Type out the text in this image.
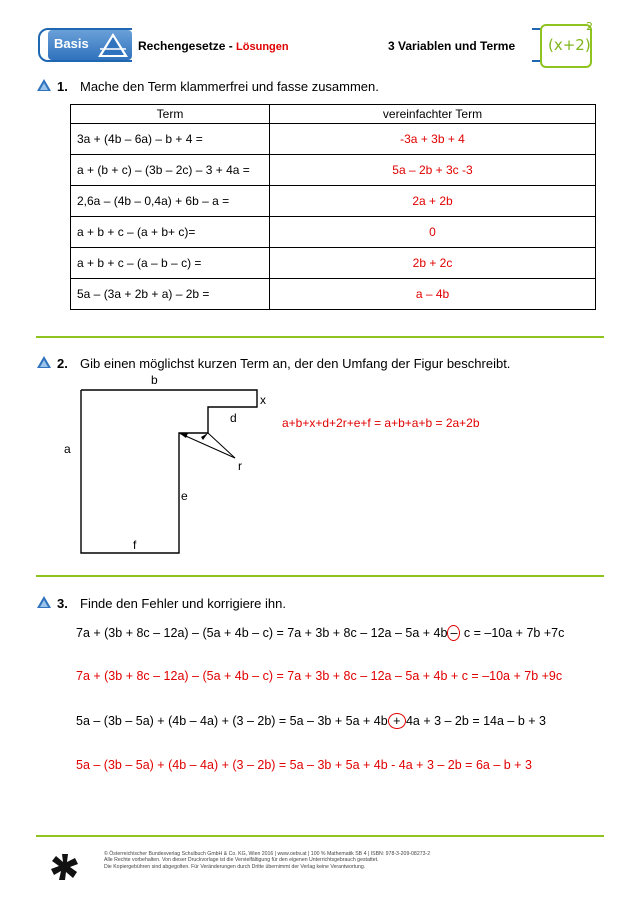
Basis	Rechengesetze - Lösungen	3 Variablen und Terme (x+2)
2
1. Mache den Term klammerfrei und fasse zusammen.
Term	vereinfachter Term
3a + (4b – 6a) – b + 4 =	-3a + 3b + 4
a + (b + c) – (3b – 2c) – 3 + 4a =	5a – 2b + 3c -3
2,6a – (4b – 0,4a) + 6b – a =	2a + 2b
a + b + c – (a + b+ c)=	0
a + b + c – (a – b – c) =	2b + 2c
5a – (3a + 2b + a) – 2b =	a – 4b
2. Gib einen möglichst kurzen Term an, der den Umfang der Figur beschreibt.
b
x
d
a
r
e
f
a+b+x+d+2r+e+f = a+b+a+b = 2a+2b
3. Finde den Fehler und korrigiere ihn.
7a + (3b + 8c – 12a) – (5a + 4b – c) = 7a + 3b + 8c – 12a – 5a + 4b – c = –10a + 7b +7c
7a + (3b + 8c – 12a) – (5a + 4b – c) = 7a + 3b + 8c – 12a – 5a + 4b + c = –10a + 7b +9c
5a – (3b – 5a) + (4b – 4a) + (3 – 2b) = 5a – 3b + 5a + 4b + 4a + 3 – 2b = 14a – b + 3
5a – (3b – 5a) + (4b – 4a) + (3 – 2b) = 5a – 3b + 5a + 4b - 4a + 3 – 2b = 6a – b + 3
© Österreichischer Bundesverlag Schulbuch GmbH & Co. KG, Wien 2016 | www.oebv.at | 100 % Mathematik SB 4 | ISBN: 978-3-209-08273-2
Alle Rechte vorbehalten. Von dieser Druckvorlage ist die Vervielfältigung für den eigenen Unterrichtsgebrauch gestattet.
Die Kopiergebühren sind abgegolten. Für Veränderungen durch Dritte übernimmt der Verlag keine Verantwortung.
